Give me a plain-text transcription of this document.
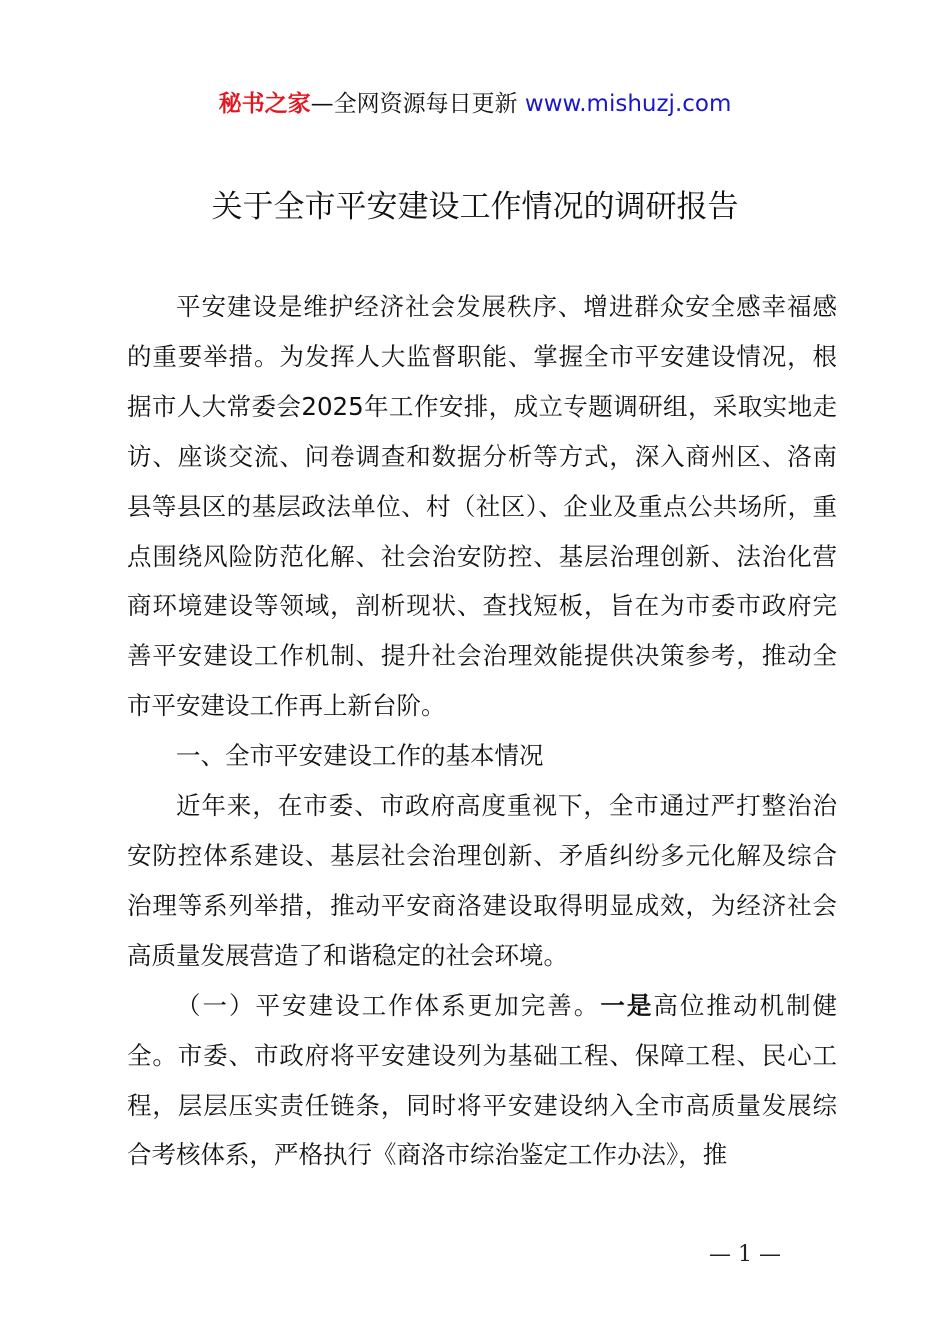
秘书之家—全网资源每日更新 www.mishuzj.com
关于全市平安建设工作情况的调研报告

平安建设是维护经济社会发展秩序、增进群众安全感幸福感的重要举措。为发挥人大监督职能、掌握全市平安建设情况，根据市人大常委会2025年工作安排，成立专题调研组，采取实地走访、座谈交流、问卷调查和数据分析等方式，深入商州区、洛南县等县区的基层政法单位、村（社区）、企业及重点公共场所，重点围绕风险防范化解、社会治安防控、基层治理创新、法治化营商环境建设等领域，剖析现状、查找短板，旨在为市委市政府完善平安建设工作机制、提升社会治理效能提供决策参考，推动全市平安建设工作再上新台阶。

一、全市平安建设工作的基本情况

近年来，在市委、市政府高度重视下，全市通过严打整治治安防控体系建设、基层社会治理创新、矛盾纠纷多元化解及综合治理等系列举措，推动平安商洛建设取得明显成效，为经济社会高质量发展营造了和谐稳定的社会环境。

（一）平安建设工作体系更加完善。一是高位推动机制健全。市委、市政府将平安建设列为基础工程、保障工程、民心工程，层层压实责任链条，同时将平安建设纳入全市高质量发展综合考核体系，严格执行《商洛市综治鉴定工作办法》，推

— 1 —
